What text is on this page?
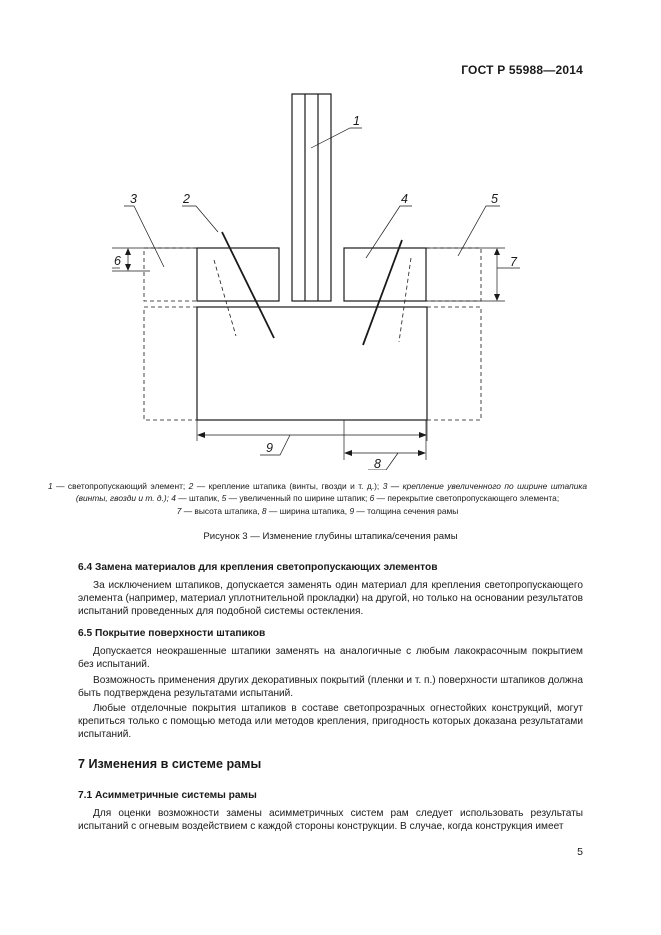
ГОСТ Р 55988—2014
1
2
3	4	5
6	7
8
9
1 — светопропускающий элемент; 2 — крепление штапика (винты, гвозди и т. д.); 3 — крепление увеличенного по ширине штапика (винты, гвозди и т. д.); 4 — штапик, 5 — увеличенный по ширине штапик; 6 — перекрытие светопропускающего элемента;
7 — высота штапика, 8 — ширина штапика, 9 — толщина сечения рамы
Рисунок 3 — Изменение глубины штапика/сечения рамы
6.4 Замена материалов для крепления светопропускающих элементов
За исключением штапиков, допускается заменять один материал для крепления светопропускающего элемента (например, материал уплотнительной прокладки) на другой, но только на основании результатов испытаний проведенных для подобной системы остекления.
6.5 Покрытие поверхности штапиков
Допускается неокрашенные штапики заменять на аналогичные с любым лакокрасочным покрытием без испытаний.
Возможность применения других декоративных покрытий (пленки и т. п.) поверхности штапиков должна быть подтверждена результатами испытаний.
Любые отделочные покрытия штапиков в составе светопрозрачных огнестойких конструкций, могут крепиться только с помощью метода или методов крепления, пригодность которых доказана результатами испытаний.
7 Изменения в системе рамы
7.1 Асимметричные системы рамы
Для оценки возможности замены асимметричных систем рам следует использовать результаты испытаний с огневым воздействием с каждой стороны конструкции. В случае, когда конструкция имеет
5
